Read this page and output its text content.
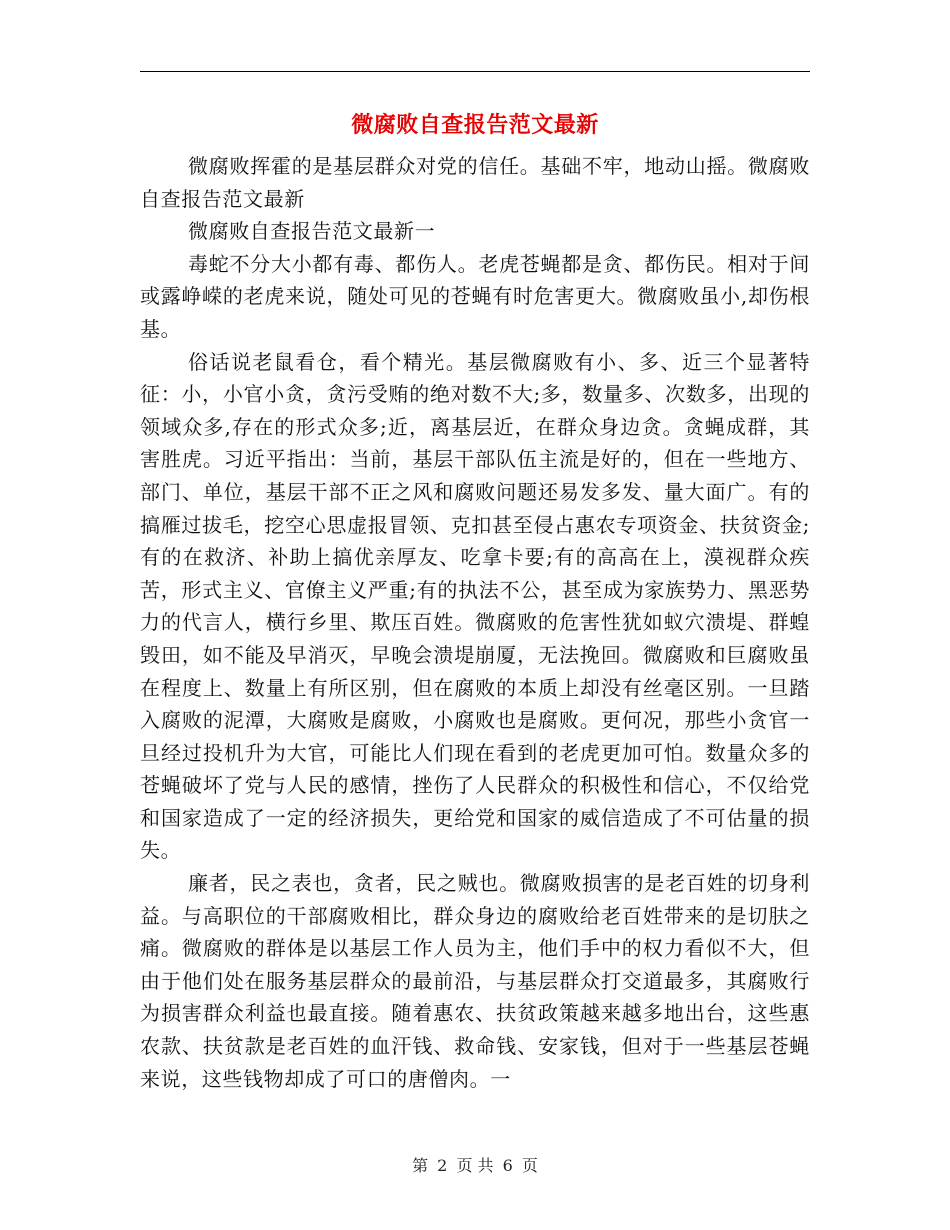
微腐败自查报告范文最新

微腐败挥霍的是基层群众对党的信任。基础不牢，地动山摇。微腐败自查报告范文最新

微腐败自查报告范文最新一

毒蛇不分大小都有毒、都伤人。老虎苍蝇都是贪、都伤民。相对于间或露峥嵘的老虎来说，随处可见的苍蝇有时危害更大。微腐败虽小,却伤根基。

俗话说老鼠看仓，看个精光。基层微腐败有小、多、近三个显著特征：小，小官小贪，贪污受贿的绝对数不大;多，数量多、次数多，出现的领域众多,存在的形式众多;近，离基层近，在群众身边贪。贪蝇成群，其害胜虎。习近平指出：当前，基层干部队伍主流是好的，但在一些地方、部门、单位，基层干部不正之风和腐败问题还易发多发、量大面广。有的搞雁过拔毛，挖空心思虚报冒领、克扣甚至侵占惠农专项资金、扶贫资金;有的在救济、补助上搞优亲厚友、吃拿卡要;有的高高在上，漠视群众疾苦，形式主义、官僚主义严重;有的执法不公，甚至成为家族势力、黑恶势力的代言人，横行乡里、欺压百姓。微腐败的危害性犹如蚁穴溃堤、群蝗毁田，如不能及早消灭，早晚会溃堤崩厦，无法挽回。微腐败和巨腐败虽在程度上、数量上有所区别，但在腐败的本质上却没有丝毫区别。一旦踏入腐败的泥潭，大腐败是腐败，小腐败也是腐败。更何况，那些小贪官一旦经过投机升为大官，可能比人们现在看到的老虎更加可怕。数量众多的苍蝇破坏了党与人民的感情，挫伤了人民群众的积极性和信心，不仅给党和国家造成了一定的经济损失，更给党和国家的威信造成了不可估量的损失。

廉者，民之表也，贪者，民之贼也。微腐败损害的是老百姓的切身利益。与高职位的干部腐败相比，群众身边的腐败给老百姓带来的是切肤之痛。微腐败的群体是以基层工作人员为主，他们手中的权力看似不大，但由于他们处在服务基层群众的最前沿，与基层群众打交道最多，其腐败行为损害群众利益也最直接。随着惠农、扶贫政策越来越多地出台，这些惠农款、扶贫款是老百姓的血汗钱、救命钱、安家钱，但对于一些基层苍蝇来说，这些钱物却成了可口的唐僧肉。一

第 2 页 共 6 页
